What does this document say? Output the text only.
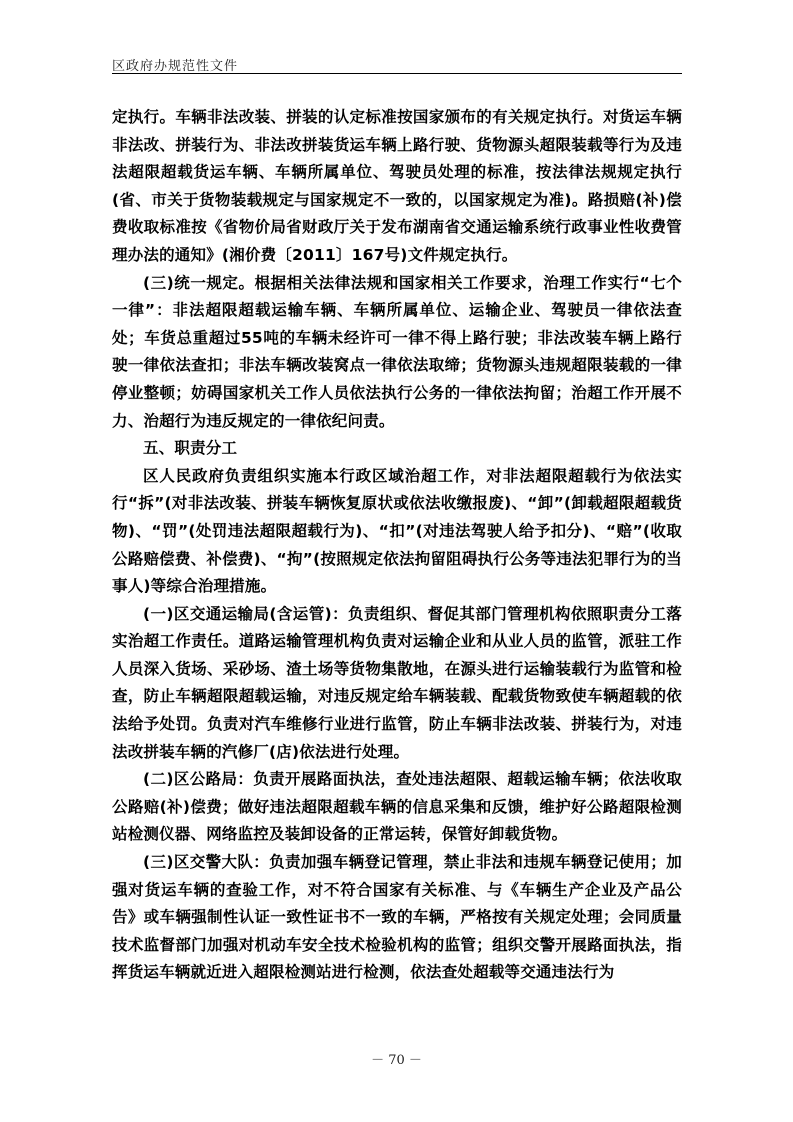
区政府办规范性文件

定执行。车辆非法改装、拼装的认定标准按国家颁布的有关规定执行。对货运车辆非法改、拼装行为、非法改拼装货运车辆上路行驶、货物源头超限装载等行为及违法超限超载货运车辆、车辆所属单位、驾驶员处理的标准，按法律法规规定执行(省、市关于货物装载规定与国家规定不一致的，以国家规定为准)。路损赔(补)偿费收取标准按《省物价局省财政厅关于发布湖南省交通运输系统行政事业性收费管理办法的通知》(湘价费〔2011〕167号)文件规定执行。

(三)统一规定。根据相关法律法规和国家相关工作要求，治理工作实行“七个一律”：非法超限超载运输车辆、车辆所属单位、运输企业、驾驶员一律依法查处；车货总重超过55吨的车辆未经许可一律不得上路行驶；非法改装车辆上路行驶一律依法查扣；非法车辆改装窝点一律依法取缔；货物源头违规超限装载的一律停业整顿；妨碍国家机关工作人员依法执行公务的一律依法拘留；治超工作开展不力、治超行为违反规定的一律依纪问责。

五、职责分工

区人民政府负责组织实施本行政区域治超工作，对非法超限超载行为依法实行“拆”(对非法改装、拼装车辆恢复原状或依法收缴报废)、“卸”(卸载超限超载货物)、“罚”(处罚违法超限超载行为)、“扣”(对违法驾驶人给予扣分)、“赔”(收取公路赔偿费、补偿费)、“拘”(按照规定依法拘留阻碍执行公务等违法犯罪行为的当事人)等综合治理措施。

(一)区交通运输局(含运管)：负责组织、督促其部门管理机构依照职责分工落实治超工作责任。道路运输管理机构负责对运输企业和从业人员的监管，派驻工作人员深入货场、采砂场、渣土场等货物集散地，在源头进行运输装载行为监管和检查，防止车辆超限超载运输，对违反规定给车辆装载、配载货物致使车辆超载的依法给予处罚。负责对汽车维修行业进行监管，防止车辆非法改装、拼装行为，对违法改拼装车辆的汽修厂(店)依法进行处理。

(二)区公路局：负责开展路面执法，查处违法超限、超载运输车辆；依法收取公路赔(补)偿费；做好违法超限超载车辆的信息采集和反馈，维护好公路超限检测站检测仪器、网络监控及装卸设备的正常运转，保管好卸载货物。

(三)区交警大队：负责加强车辆登记管理，禁止非法和违规车辆登记使用；加强对货运车辆的查验工作，对不符合国家有关标准、与《车辆生产企业及产品公告》或车辆强制性认证一致性证书不一致的车辆，严格按有关规定处理；会同质量技术监督部门加强对机动车安全技术检验机构的监管；组织交警开展路面执法，指挥货运车辆就近进入超限检测站进行检测，依法查处超载等交通违法行为

－ 70 －
